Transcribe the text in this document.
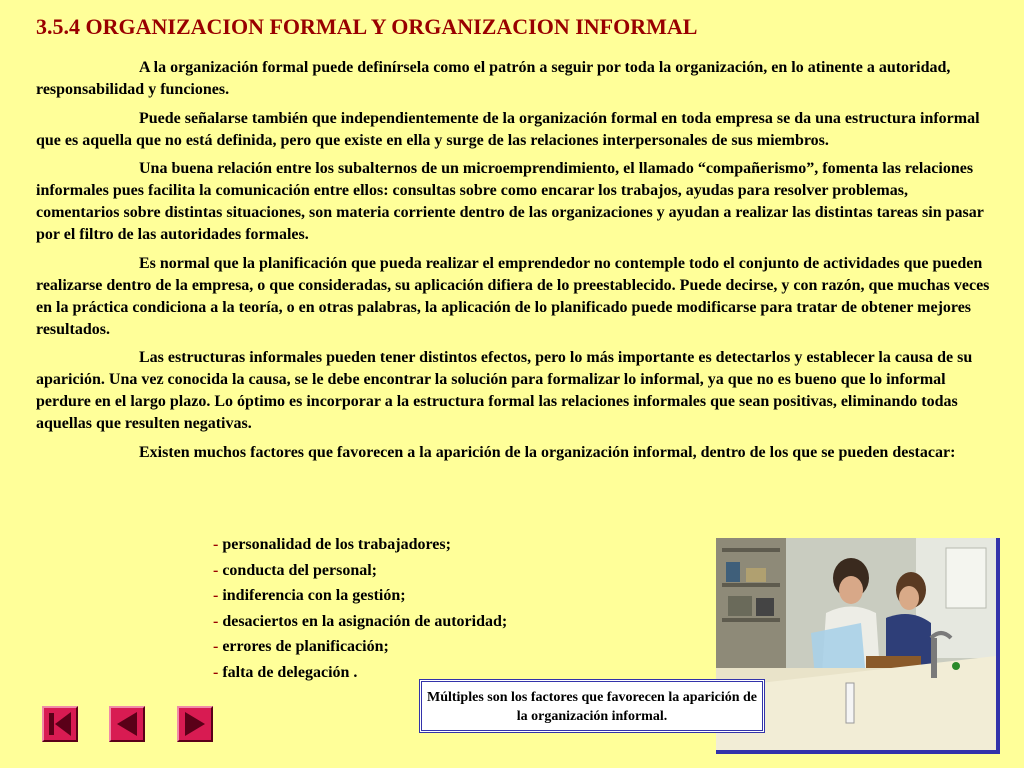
3.5.4 ORGANIZACION FORMAL Y ORGANIZACION INFORMAL

A la organización formal puede definírsela como el patrón a seguir por toda la organización, en lo atinente a autoridad, responsabilidad y funciones.

Puede señalarse también que independientemente de la organización formal en toda empresa se da una estructura informal que es aquella que no está definida, pero que existe en ella y surge de las relaciones interpersonales de sus miembros.

Una buena relación entre los subalternos de un microemprendimiento, el llamado “compañerismo”, fomenta las relaciones informales pues facilita la comunicación entre ellos: consultas sobre como encarar los trabajos, ayudas para resolver problemas, comentarios sobre distintas situaciones, son materia corriente dentro de las organizaciones y ayudan a realizar las distintas tareas sin pasar por el filtro de las autoridades formales.

Es normal que la planificación que pueda realizar el emprendedor no contemple todo el conjunto de actividades que pueden realizarse dentro de la empresa, o que consideradas, su aplicación difiera de lo preestablecido. Puede decirse, y con razón, que muchas veces en la práctica condiciona a la teoría, o en otras palabras, la aplicación de lo planificado puede modificarse para tratar de obtener mejores resultados.

Las estructuras informales pueden tener distintos efectos, pero lo más importante es detectarlos y establecer la causa de su aparición. Una vez conocida la causa, se le debe encontrar la solución para formalizar lo informal, ya que no es bueno que lo informal perdure en el largo plazo. Lo óptimo es incorporar a la estructura formal las relaciones informales que sean positivas, eliminando todas aquellas que resulten negativas.

Existen muchos factores que favorecen a la aparición de la organización informal, dentro de los que se pueden destacar:

- personalidad de los trabajadores;
- conducta del personal;
- indiferencia con la gestión;
- desaciertos en la asignación de autoridad;
- errores de planificación;
- falta de delegación .
Múltiples son los factores que favorecen la aparición de la organización informal.
